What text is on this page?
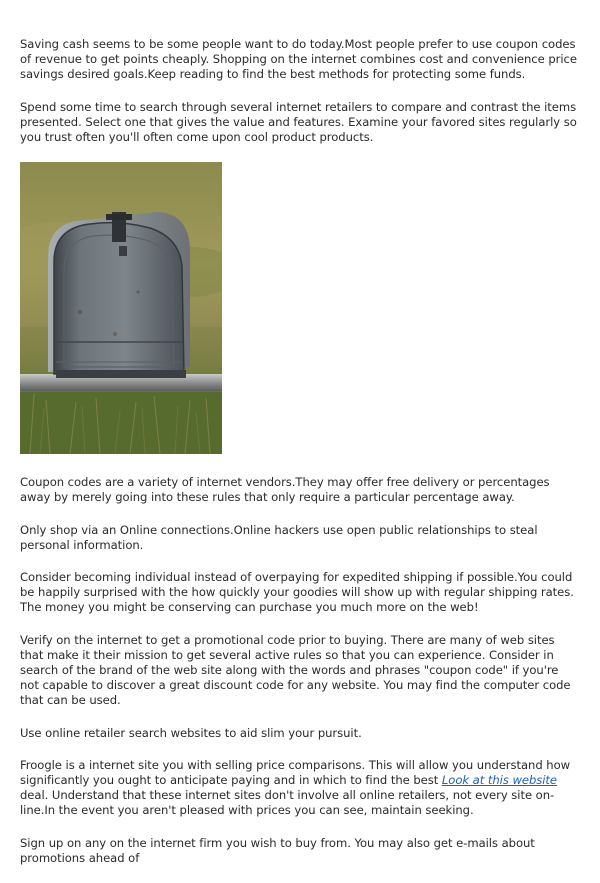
Saving cash seems to be some people want to do today.Most people prefer to use coupon codes of revenue to get points cheaply. Shopping on the internet combines cost and convenience price savings desired goals.Keep reading to find the best methods for protecting some funds.

Spend some time to search through several internet retailers to compare and contrast the items presented. Select one that gives the value and features. Examine your favored sites regularly so you trust often you'll often come upon cool product products.

Coupon codes are a variety of internet vendors.They may offer free delivery or percentages away by merely going into these rules that only require a particular percentage away.

Only shop via an Online connections.Online hackers use open public relationships to steal personal information.

Consider becoming individual instead of overpaying for expedited shipping if possible.You could be happily surprised with the how quickly your goodies will show up with regular shipping rates. The money you might be conserving can purchase you much more on the web!

Verify on the internet to get a promotional code prior to buying. There are many of web sites that make it their mission to get several active rules so that you can experience. Consider in search of the brand of the web site along with the words and phrases "coupon code" if you're not capable to discover a great discount code for any website. You may find the computer code that can be used.

Use online retailer search websites to aid slim your pursuit.

Froogle is a internet site you with selling price comparisons. This will allow you understand how significantly you ought to anticipate paying and in which to find the best Look at this website deal. Understand that these internet sites don't involve all online retailers, not every site on-line.In the event you aren't pleased with prices you can see, maintain seeking.

Sign up on any on the internet firm you wish to buy from. You may also get e-mails about promotions ahead of
